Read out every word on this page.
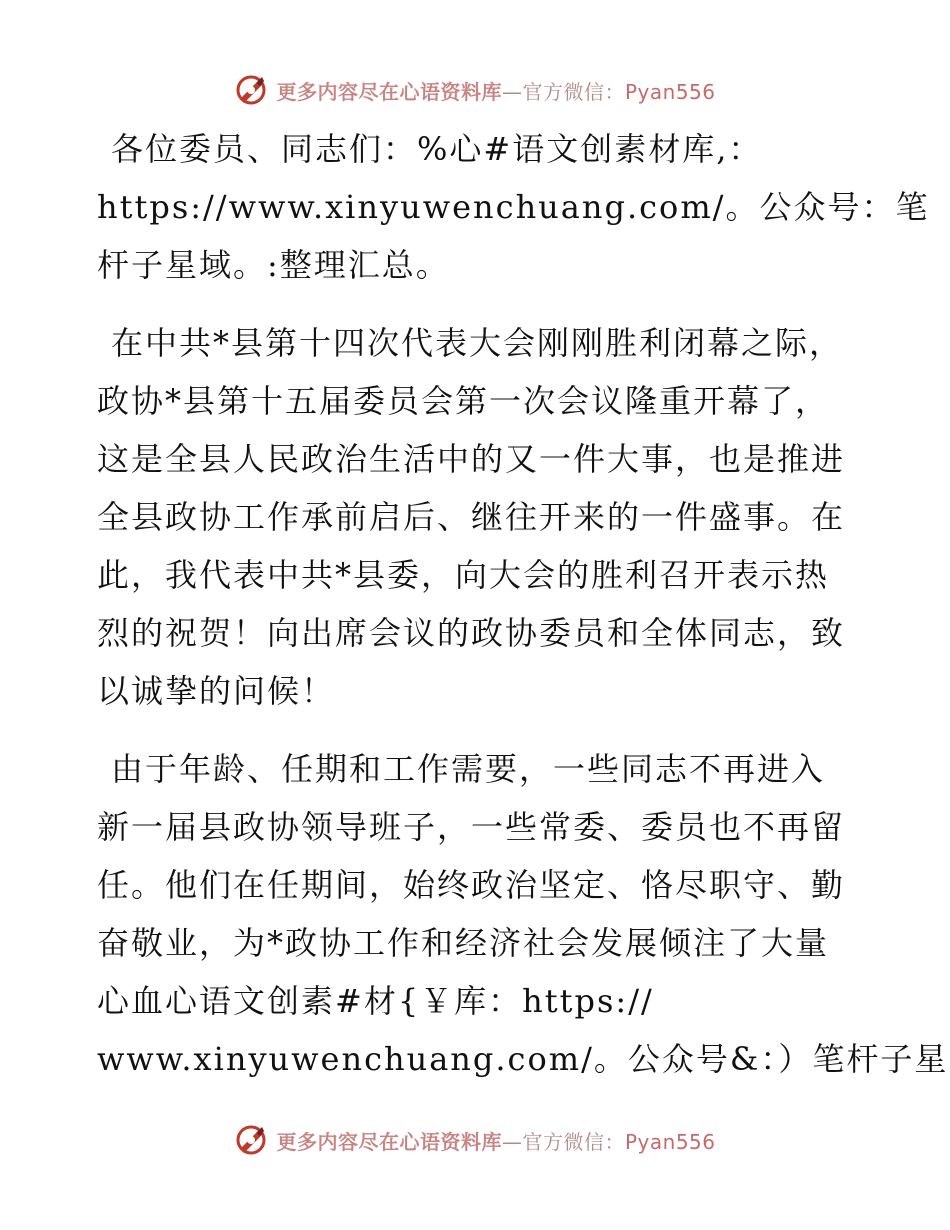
更多内容尽在心语资料库—官方微信：Pyan556

各位委员、同志们：%心#语文创素材库,：
https://www.xinyuwenchuang.com/。公众号：笔
杆子星域。:整理汇总。

在中共*县第十四次代表大会刚刚胜利闭幕之际，
政协*县第十五届委员会第一次会议隆重开幕了，
这是全县人民政治生活中的又一件大事，也是推进
全县政协工作承前启后、继往开来的一件盛事。在
此，我代表中共*县委，向大会的胜利召开表示热
烈的祝贺！向出席会议的政协委员和全体同志，致
以诚挚的问候！

由于年龄、任期和工作需要，一些同志不再进入
新一届县政协领导班子，一些常委、委员也不再留
任。他们在任期间，始终政治坚定、恪尽职守、勤
奋敬业，为*政协工作和经济社会发展倾注了大量
心血心语文创素#材{￥库：https://
www.xinyuwenchuang.com/。公众号&：）笔杆子星

更多内容尽在心语资料库—官方微信：Pyan556
